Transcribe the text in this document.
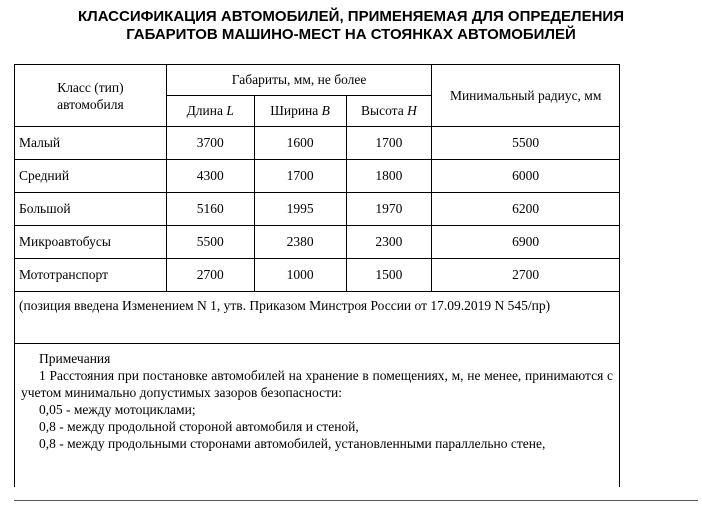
КЛАССИФИКАЦИЯ АВТОМОБИЛЕЙ, ПРИМЕНЯЕМАЯ ДЛЯ ОПРЕДЕЛЕНИЯ
ГАБАРИТОВ МАШИНО-МЕСТ НА СТОЯНКАХ АВТОМОБИЛЕЙ
Класс (тип) автомобиля	Габариты, мм, не более			Минимальный радиус, мм
	Длина L	Ширина B	Высота H	
Малый	3700	1600	1700	5500
Средний	4300	1700	1800	6000
Большой	5160	1995	1970	6200
Микроавтобусы	5500	2380	2300	6900
Мототранспорт	2700	1000	1500	2700
(позиция введена Изменением N 1, утв. Приказом Минстроя России от 17.09.2019 N 545/пр)				

Примечания

1 Расстояния при постановке автомобилей на хранение в помещениях, м, не менее, принимаются с учетом минимально допустимых зазоров безопасности:

0,05 - между мотоциклами;

0,8 - между продольной стороной автомобиля и стеной,

0,8 - между продольными сторонами автомобилей, установленными параллельно стене,				
